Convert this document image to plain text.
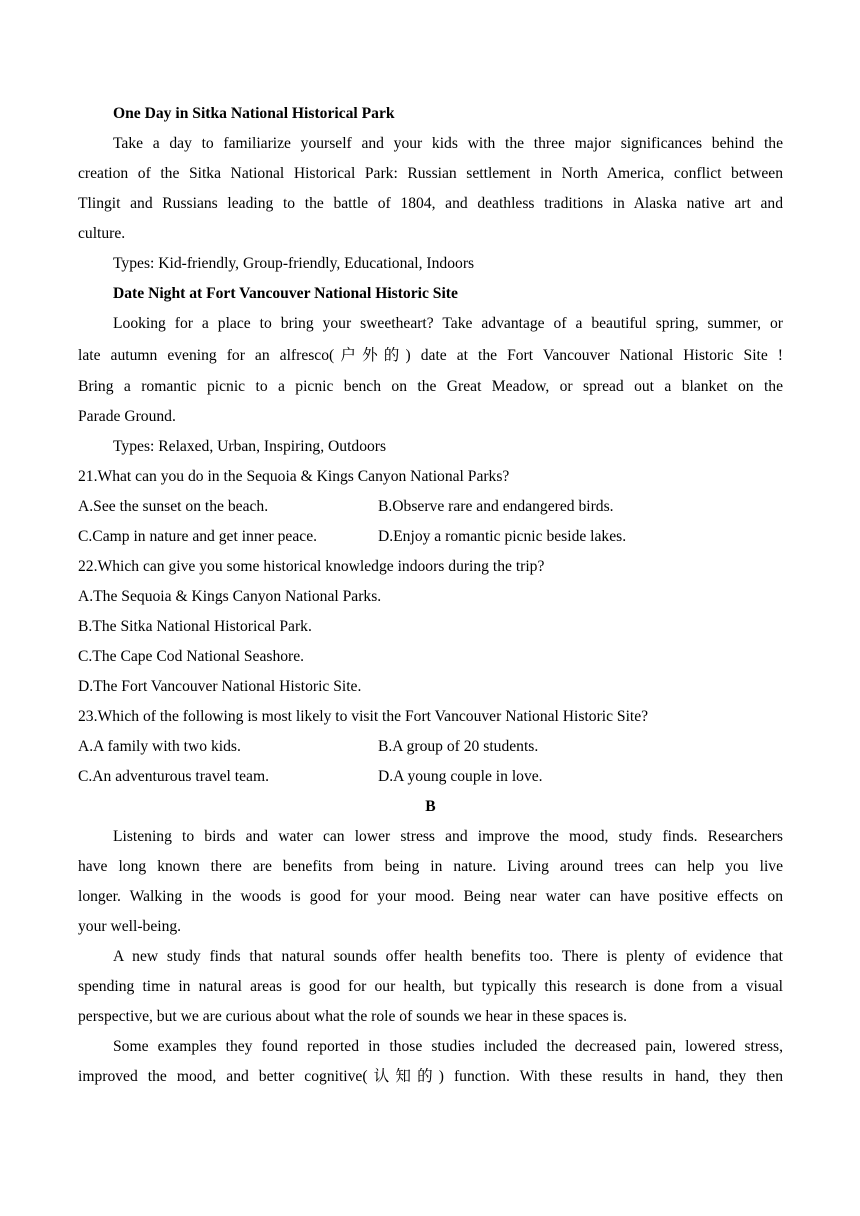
One Day in Sitka National Historical Park
Take a day to familiarize yourself and your kids with the three major significances behind the
creation of the Sitka National Historical Park: Russian settlement in North America, conflict between
Tlingit and Russians leading to the battle of 1804, and deathless traditions in Alaska native art and
culture.
Types: Kid-friendly, Group-friendly, Educational, Indoors
Date Night at Fort Vancouver National Historic Site
Looking for a place to bring your sweetheart? Take advantage of a beautiful spring, summer, or
late autumn evening for an alfresco(户外的) date at the Fort Vancouver National Historic Site !
Bring a romantic picnic to a picnic bench on the Great Meadow, or spread out a blanket on the
Parade Ground.
Types: Relaxed, Urban, Inspiring, Outdoors
21.What can you do in the Sequoia & Kings Canyon National Parks?
A.See the sunset on the beach.	B.Observe rare and endangered birds.
C.Camp in nature and get inner peace.	D.Enjoy a romantic picnic beside lakes.
22.Which can give you some historical knowledge indoors during the trip?
A.The Sequoia & Kings Canyon National Parks.
B.The Sitka National Historical Park.
C.The Cape Cod National Seashore.
D.The Fort Vancouver National Historic Site.
23.Which of the following is most likely to visit the Fort Vancouver National Historic Site?
A.A family with two kids.	B.A group of 20 students.
C.An adventurous travel team.	D.A young couple in love.
B
Listening to birds and water can lower stress and improve the mood, study finds. Researchers
have long known there are benefits from being in nature. Living around trees can help you live
longer. Walking in the woods is good for your mood. Being near water can have positive effects on
your well-being.
A new study finds that natural sounds offer health benefits too. There is plenty of evidence that
spending time in natural areas is good for our health, but typically this research is done from a visual
perspective, but we are curious about what the role of sounds we hear in these spaces is.
Some examples they found reported in those studies included the decreased pain, lowered stress,
improved the mood, and better cognitive(认知的) function. With these results in hand, they then
